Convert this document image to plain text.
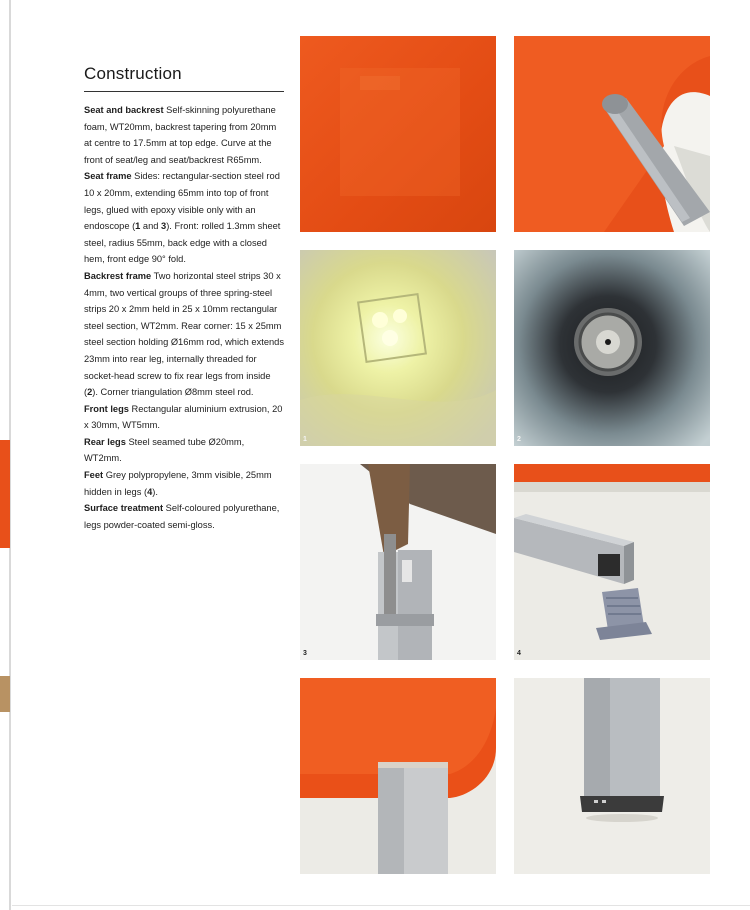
Construction

Seat and backrest Self-skinning polyurethane foam, WT20mm, backrest tapering from 20mm at centre to 17.5mm at top edge. Curve at the front of seat/leg and seat/backrest R65mm.

Seat frame Sides: rectangular-section steel rod 10 x 20mm, extending 65mm into top of front legs, glued with epoxy visible only with an endoscope (1 and 3). Front: rolled 1.3mm sheet steel, radius 55mm, back edge with a closed hem, front edge 90° fold.

Backrest frame Two horizontal steel strips 30 x 4mm, two vertical groups of three spring-steel strips 20 x 2mm held in 25 x 10mm rectangular steel section, WT2mm. Rear corner: 15 x 25mm steel section holding Ø16mm rod, which extends 23mm into rear leg, internally threaded for socket-head screw to fix rear legs from inside (2). Corner triangulation Ø8mm steel rod.

Front legs Rectangular aluminium extrusion, 20 x 30mm, WT5mm.

Rear legs Steel seamed tube Ø20mm, WT2mm.

Feet Grey polypropylene, 3mm visible, 25mm hidden in legs (4).

Surface treatment Self-coloured polyurethane, legs powder-coated semi-gloss.

1	2
3	4
